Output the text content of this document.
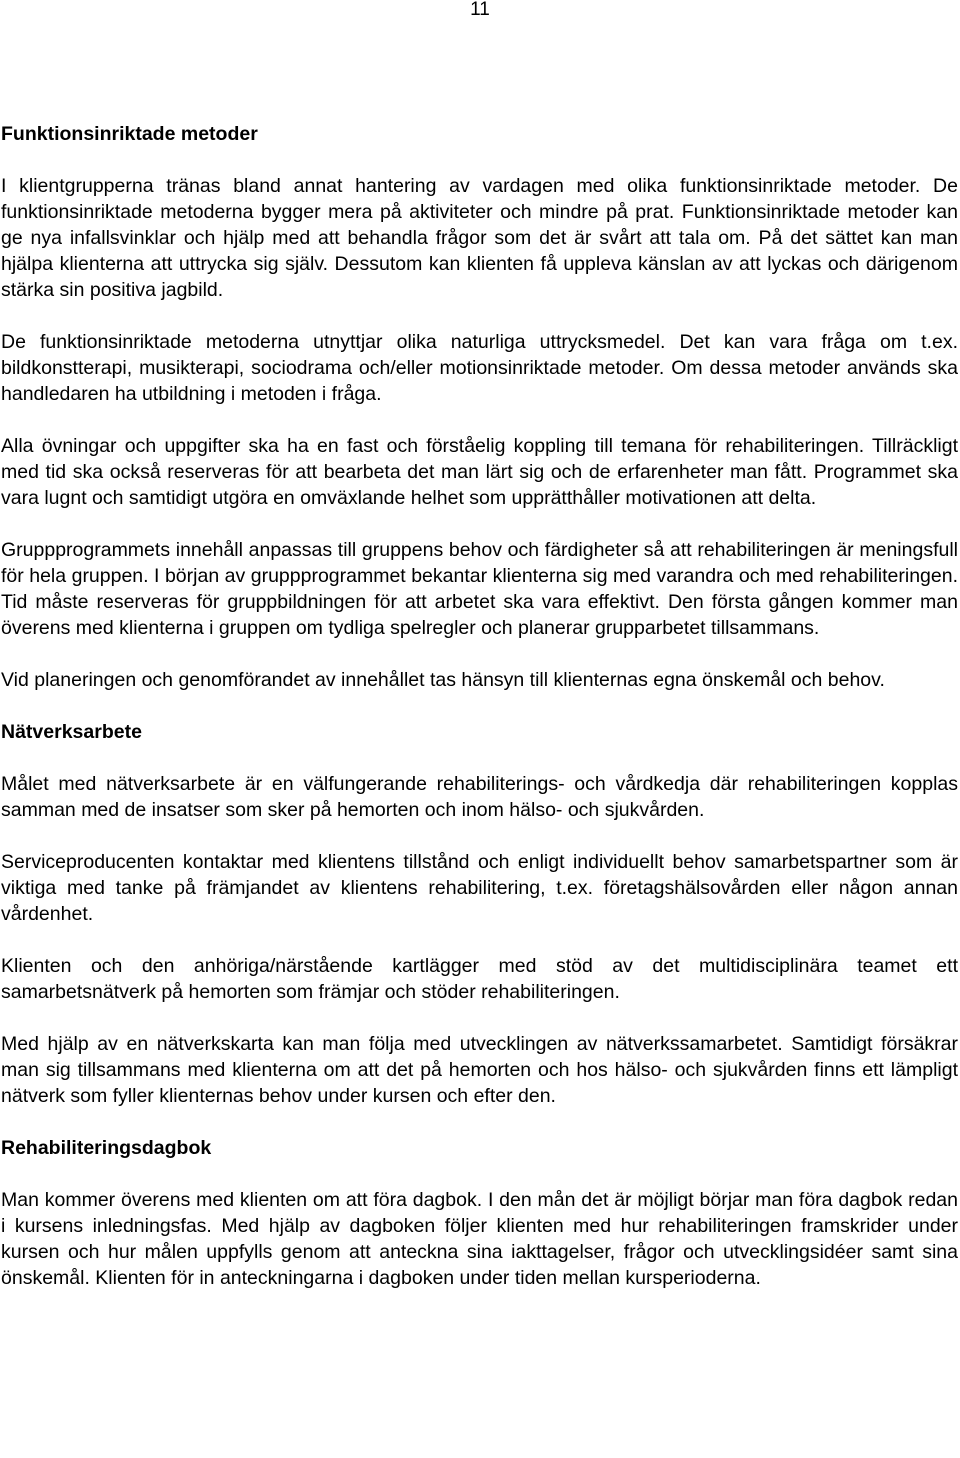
11
Funktionsinriktade metoder

I klientgrupperna tränas bland annat hantering av vardagen med olika funktionsinriktade metoder. De funktionsinriktade metoderna bygger mera på aktiviteter och mindre på prat. Funktionsinriktade metoder kan ge nya infallsvinklar och hjälp med att behandla frågor som det är svårt att tala om. På det sättet kan man hjälpa klienterna att uttrycka sig själv. Dessutom kan klienten få uppleva känslan av att lyckas och därigenom stärka sin positiva jagbild.

De funktionsinriktade metoderna utnyttjar olika naturliga uttrycksmedel. Det kan vara fråga om t.ex. bildkonstterapi, musikterapi, sociodrama och/eller motionsinriktade metoder. Om dessa metoder används ska handledaren ha utbildning i metoden i fråga.

Alla övningar och uppgifter ska ha en fast och förståelig koppling till temana för rehabiliteringen. Tillräckligt med tid ska också reserveras för att bearbeta det man lärt sig och de erfarenheter man fått. Programmet ska vara lugnt och samtidigt utgöra en omväxlande helhet som upprätthåller motivationen att delta.

Gruppprogrammets innehåll anpassas till gruppens behov och färdigheter så att rehabiliteringen är meningsfull för hela gruppen. I början av gruppprogrammet bekantar klienterna sig med varandra och med rehabiliteringen. Tid måste reserveras för gruppbildningen för att arbetet ska vara effektivt. Den första gången kommer man överens med klienterna i gruppen om tydliga spelregler och planerar grupparbetet tillsammans.

Vid planeringen och genomförandet av innehållet tas hänsyn till klienternas egna önskemål och behov.

Nätverksarbete

Målet med nätverksarbete är en välfungerande rehabiliterings- och vårdkedja där rehabiliteringen kopplas samman med de insatser som sker på hemorten och inom hälso- och sjukvården.

Serviceproducenten kontaktar med klientens tillstånd och enligt individuellt behov samarbetspartner som är viktiga med tanke på främjandet av klientens rehabilitering, t.ex. företagshälsovården eller någon annan vårdenhet.

Klienten och den anhöriga/närstående kartlägger med stöd av det multidisciplinära teamet ett samarbetsnätverk på hemorten som främjar och stöder rehabiliteringen.

Med hjälp av en nätverkskarta kan man följa med utvecklingen av nätverkssamarbetet. Samtidigt försäkrar man sig tillsammans med klienterna om att det på hemorten och hos hälso- och sjukvården finns ett lämpligt nätverk som fyller klienternas behov under kursen och efter den.

Rehabiliteringsdagbok

Man kommer överens med klienten om att föra dagbok. I den mån det är möjligt börjar man föra dagbok redan i kursens inledningsfas. Med hjälp av dagboken följer klienten med hur rehabiliteringen framskrider under kursen och hur målen uppfylls genom att anteckna sina iakttagelser, frågor och utvecklingsidéer samt sina önskemål. Klienten för in anteckningarna i dagboken under tiden mellan kursperioderna.
